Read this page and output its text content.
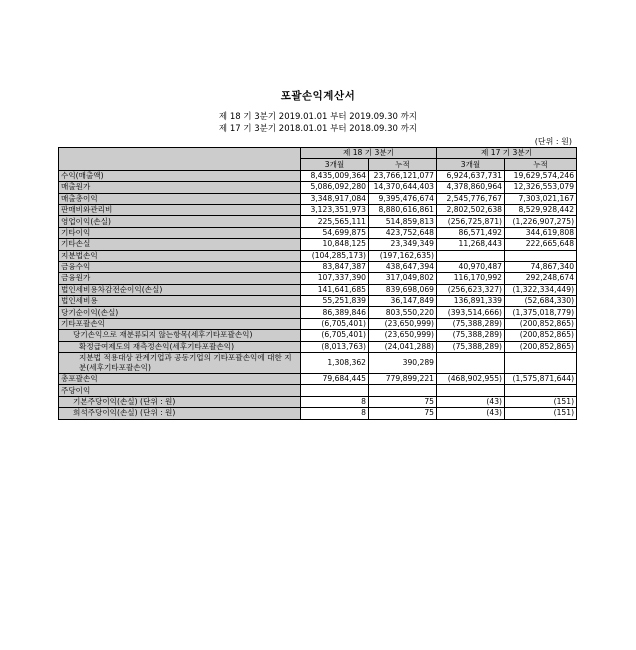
포괄손익계산서
제 18 기 3분기 2019.01.01 부터 2019.09.30 까지
제 17 기 3분기 2018.01.01 부터 2018.09.30 까지
(단위 : 원)
	제 18 기 3분기		제 17 기 3분기	
	3개월	누적	3개월	누적
수익(매출액)	8,435,009,364	23,766,121,077	6,924,637,731	19,629,574,246
매출원가	5,086,092,280	14,370,644,403	4,378,860,964	12,326,553,079
매출총이익	3,348,917,084	9,395,476,674	2,545,776,767	7,303,021,167
판매비와관리비	3,123,351,973	8,880,616,861	2,802,502,638	8,529,928,442
영업이익(손실)	225,565,111	514,859,813	(256,725,871)	(1,226,907,275)
기타이익	54,699,875	423,752,648	86,571,492	344,619,808
기타손실	10,848,125	23,349,349	11,268,443	222,665,648
지분법손익	(104,285,173)	(197,162,635)		
금융수익	83,847,387	438,647,394	40,970,487	74,867,340
금융원가	107,337,390	317,049,802	116,170,992	292,248,674
법인세비용차감전순이익(손실)	141,641,685	839,698,069	(256,623,327)	(1,322,334,449)
법인세비용	55,251,839	36,147,849	136,891,339	(52,684,330)
당기순이익(손실)	86,389,846	803,550,220	(393,514,666)	(1,375,018,779)
기타포괄손익	(6,705,401)	(23,650,999)	(75,388,289)	(200,852,865)
당기손익으로 재분류되지 않는항목(세후기타포괄손익)	(6,705,401)	(23,650,999)	(75,388,289)	(200,852,865)
확정급여제도의 재측정손익(세후기타포괄손익)	(8,013,763)	(24,041,288)	(75,388,289)	(200,852,865)
지분법 적용대상 관계기업과 공동기업의 기타포괄손익에 대한 지분(세후기타포괄손익)	1,308,362	390,289		
총포괄손익	79,684,445	779,899,221	(468,902,955)	(1,575,871,644)
주당이익				
기본주당이익(손실) (단위 : 원)	8	75	(43)	(151)
희석주당이익(손실) (단위 : 원)	8	75	(43)	(151)
